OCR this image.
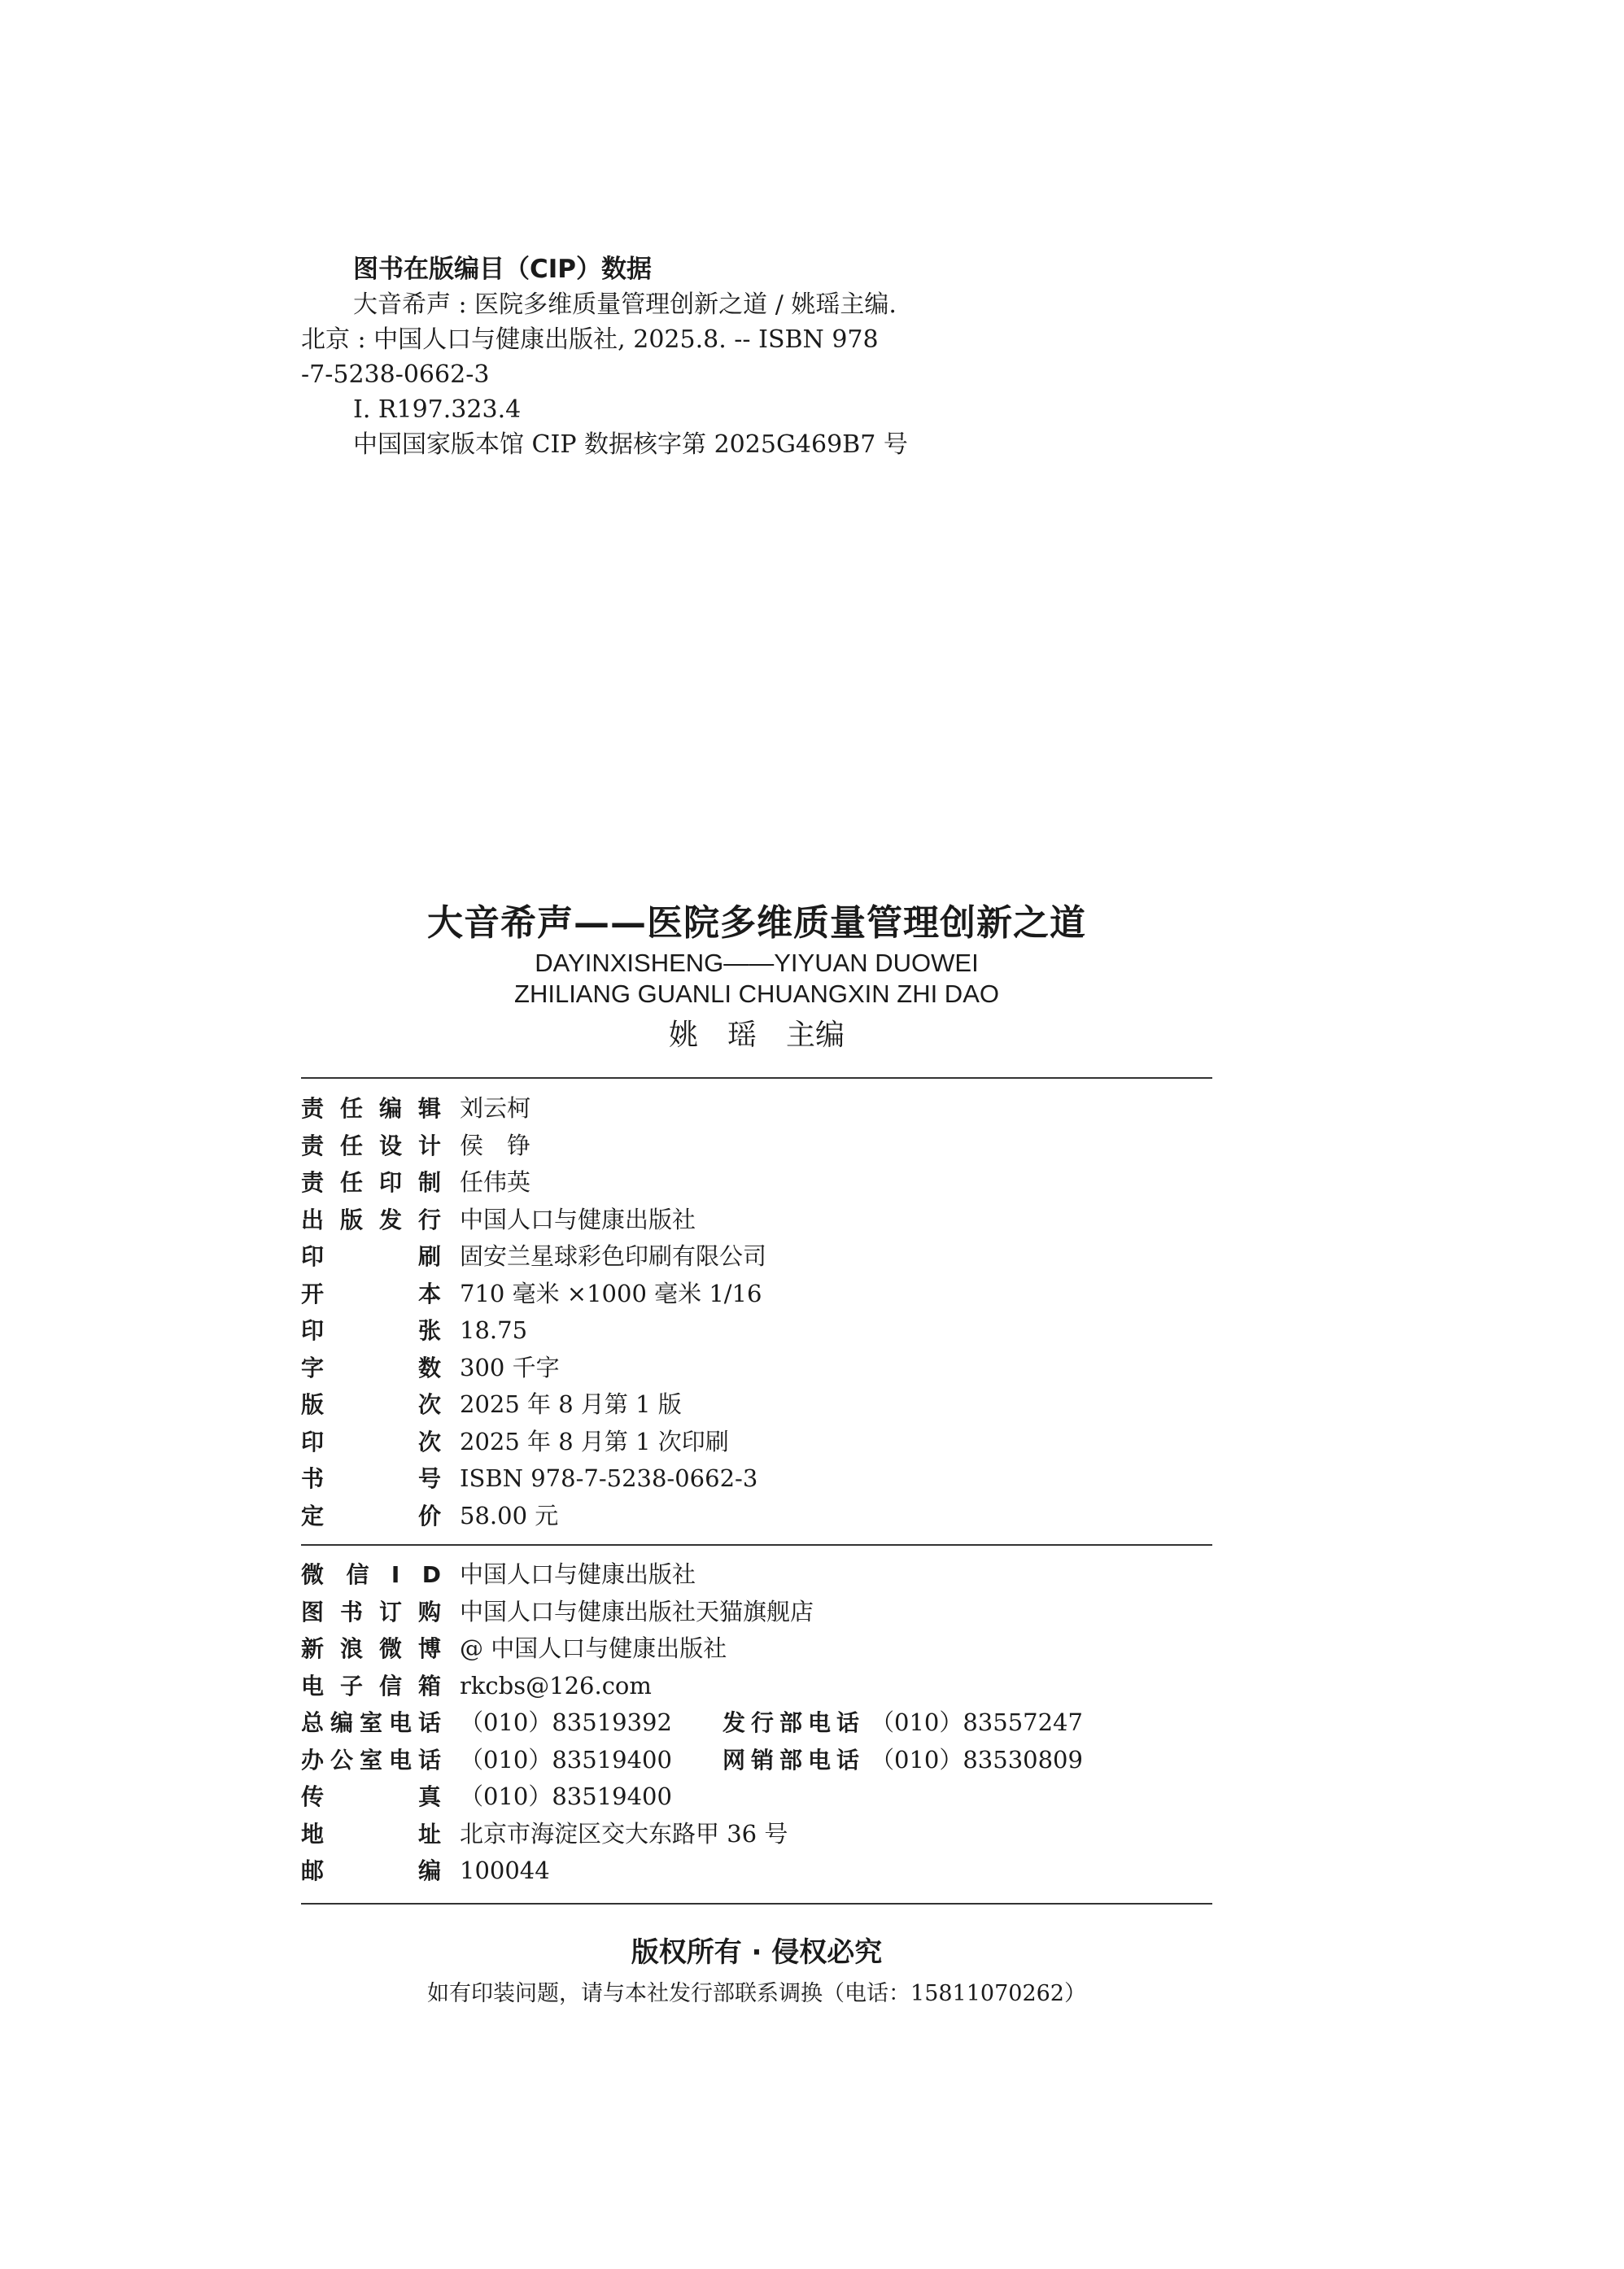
图书在版编目（CIP）数据

大音希声 : 医院多维质量管理创新之道 / 姚瑶主编.

北京 : 中国人口与健康出版社, 2025.8. -- ISBN 978

-7-5238-0662-3

Ⅰ. R197.323.4

中国国家版本馆 CIP 数据核字第 2025G469B7 号

大音希声——医院多维质量管理创新之道
DAYINXISHENG——YIYUAN DUOWEI
ZHILIANG GUANLI CHUANGXIN ZHI DAO
姚　瑶　主编
责 任 编 辑 刘云柯
责 任 设 计 侯　铮
责 任 印 制 任伟英
出 版 发 行 中国人口与健康出版社
印	刷 固安兰星球彩色印刷有限公司
开	本 710 毫米 ×1000 毫米 1/16
印	张 18.75
字	数 300 千字
版	次 2025 年 8 月第 1 版
印	次 2025 年 8 月第 1 次印刷
书	号 ISBN 978-7-5238-0662-3
定	价 58.00 元
微 信 I D 中国人口与健康出版社
图 书 订 购 中国人口与健康出版社天猫旗舰店
新 浪 微 博 @ 中国人口与健康出版社
电 子 信 箱 rkcbs@126.com
总 编 室 电 话 （010）83519392 发 行 部 电 话 （010）83557247
办 公 室 电 话 （010）83519400 网 销 部 电 话 （010）83530809
传	真 （010）83519400
地	址 北京市海淀区交大东路甲 36 号
邮	编 100044
版权所有 · 侵权必究
如有印装问题，请与本社发行部联系调换（电话：15811070262）
